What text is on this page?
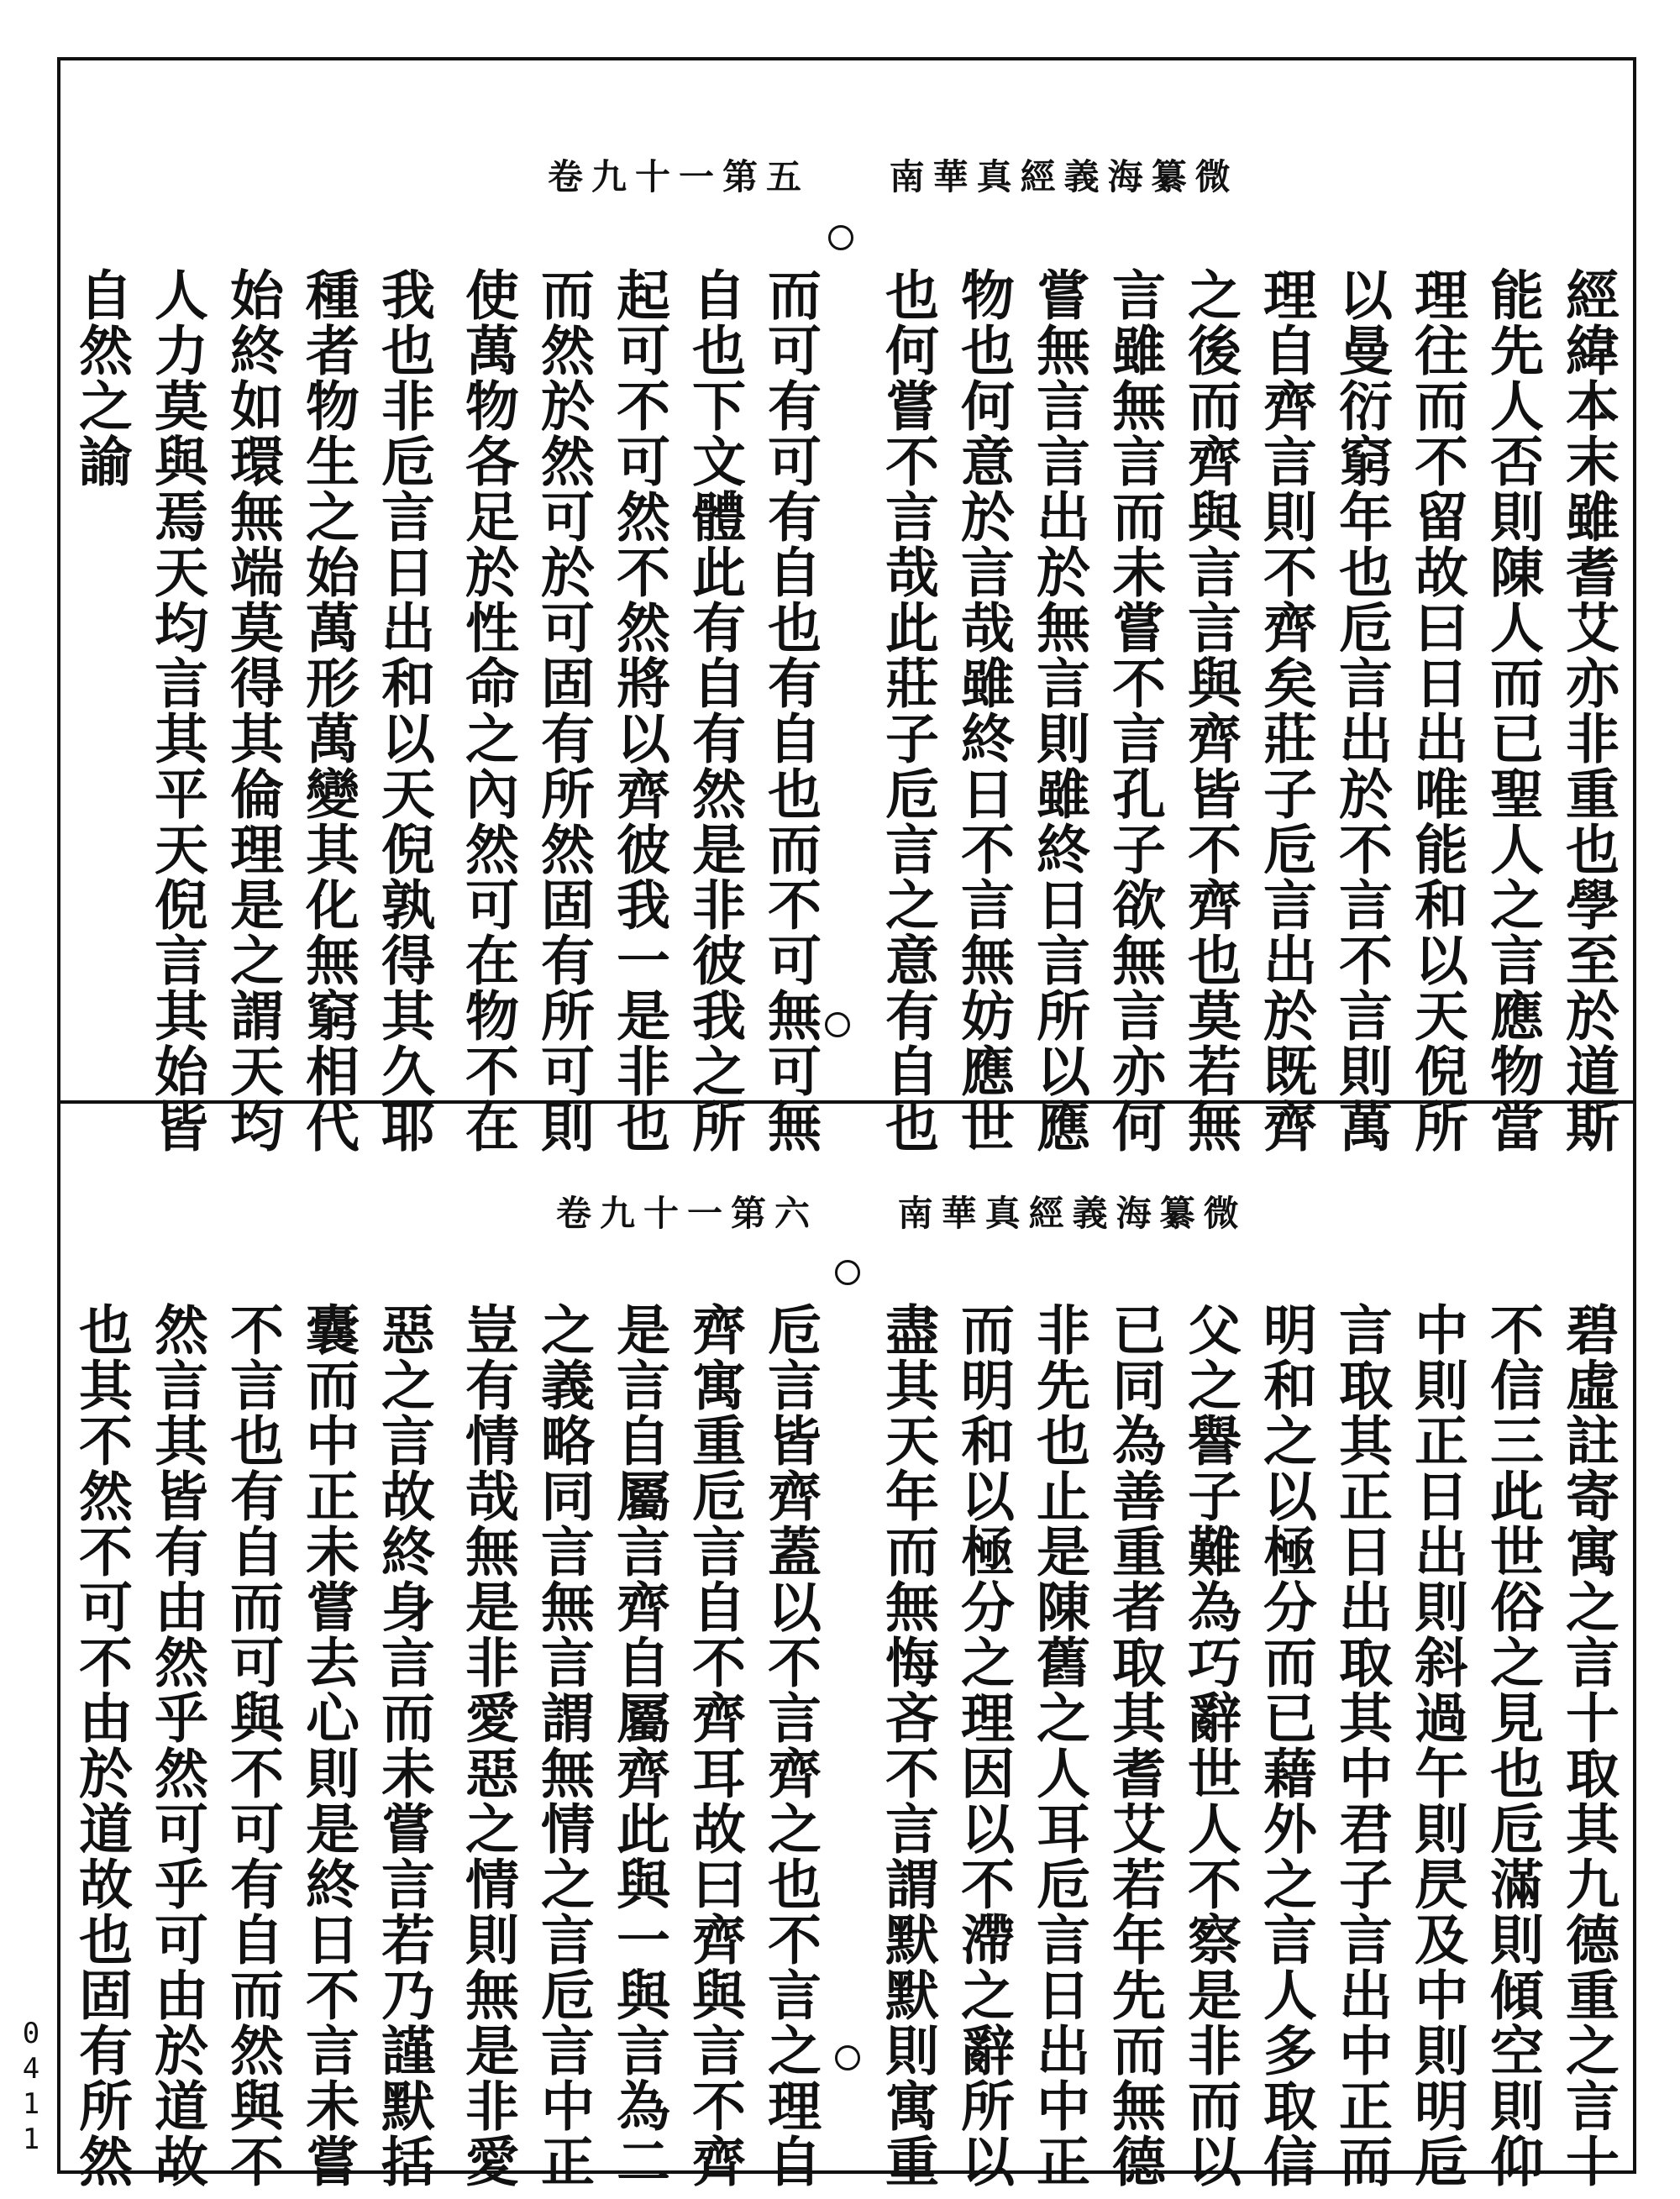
卷九十一第五 南華真經義海纂微
經緯本末雖耆艾亦非重也學至於道斯
能先人否則陳人而已聖人之言應物當
理往而不留故曰日出唯能和以天倪所
以曼衍窮年也卮言出於不言不言則萬
理自齊言則不齊矣莊子卮言出於既齊
之後而齊與言言與齊皆不齊也莫若無
言雖無言而未嘗不言孔子欲無言亦何
嘗無言言出於無言則雖終日言所以應
物也何意於言哉雖終日不言無妨應世
也何嘗不言哉此莊子卮言之意有自也
而可有可有自也有自也而不可無可無
自也下文體此有自有然是非彼我之所
起可不可然不然將以齊彼我一是非也
而然於然可於可固有所然固有所可則
使萬物各足於性命之內然可在物不在
我也非卮言日出和以天倪孰得其久耶
種者物生之始萬形萬變其化無窮相代
始終如環無端莫得其倫理是之謂天均
人力莫與焉天均言其平天倪言其始皆
自然之諭
卷九十一第六 南華真經義海纂微
碧虛註寄寓之言十取其九德重之言十
不信三此世俗之見也卮滿則傾空則仰
中則正日出則斜過午則昃及中則明卮
言取其正日出取其中君子言出中正而
明和之以極分而已藉外之言人多取信
父之譽子難為巧辭世人不察是非而以
已同為善重者取其耆艾若年先而無德
非先也止是陳舊之人耳卮言日出中正
而明和以極分之理因以不滯之辭所以
盡其天年而無悔吝不言謂默默則寓重
卮言皆齊蓋以不言齊之也不言之理自
齊寓重卮言自不齊耳故曰齊與言不齊
是言自屬言齊自屬齊此與一與言為二
之義略同言無言謂無情之言卮言中正
豈有情哉無是非愛惡之情則無是非愛
惡之言故終身言而未嘗言若乃謹默括
囊而中正未嘗去心則是終日不言未嘗
不言也有自而可與不可有自而然與不
然言其皆有由然乎然可乎可由於道故
也其不然不可不由於道故也固有所然
0
4
1
1
